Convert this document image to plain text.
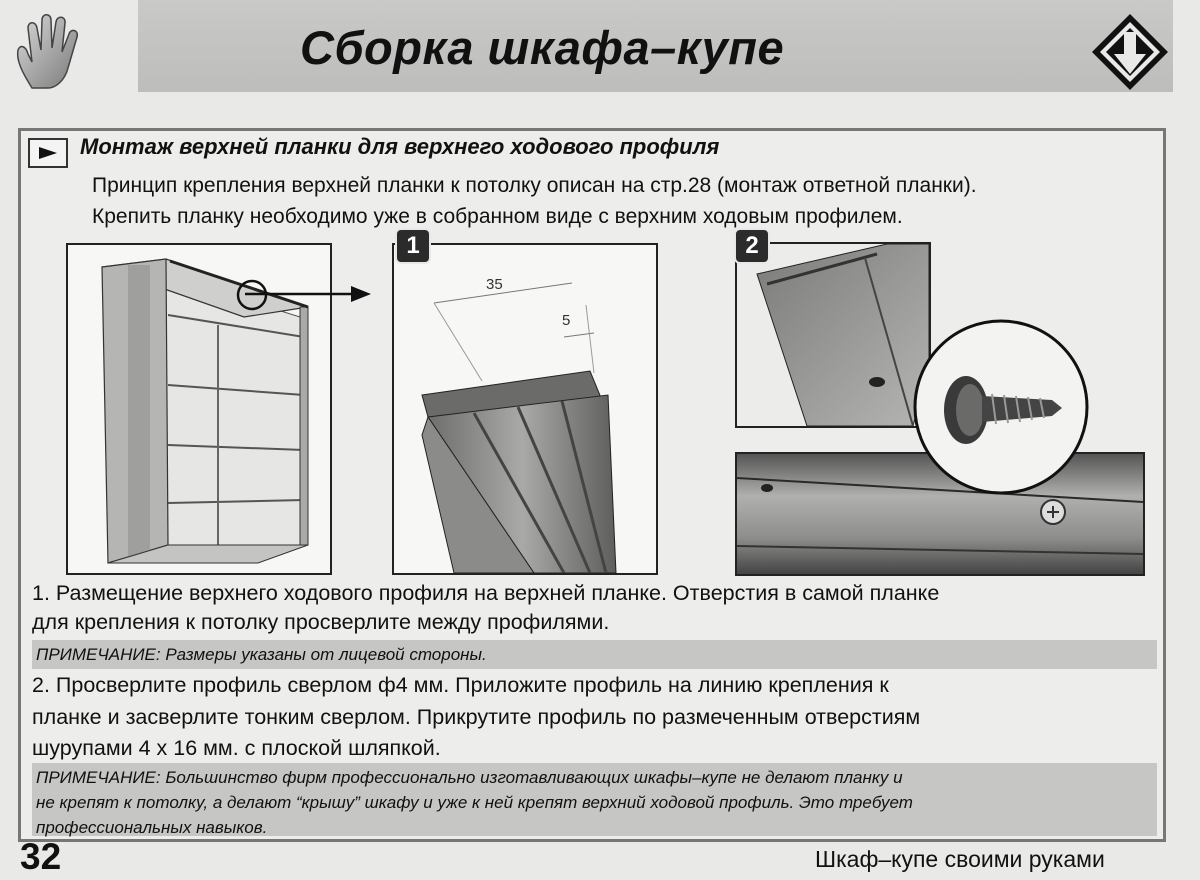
Сборка шкафа–купе
Монтаж верхней планки для верхнего ходового профиля
Принцип крепления верхней планки к потолку описан на стр.28 (монтаж ответной планки).
Крепить планку необходимо уже в собранном виде с верхним ходовым профилем.
35
5
1	2
1. Размещение верхнего ходового профиля на верхней планке. Отверстия в самой планке
для крепления к потолку просверлите между профилями.
ПРИМЕЧАНИЕ: Размеры указаны от лицевой стороны.
2. Просверлите профиль сверлом ф4 мм. Приложите профиль на линию крепления к
планке и засверлите тонким сверлом. Прикрутите профиль по размеченным отверстиям
шурупами 4 х 16 мм. с плоской шляпкой.
ПРИМЕЧАНИЕ: Большинство фирм профессионально изготавливающих шкафы–купе не делают планку и
не крепят к потолку, а делают “крышу” шкафу и уже к ней крепят верхний ходовой профиль. Это требует
профессиональных навыков.
32	Шкаф–купе своими руками
